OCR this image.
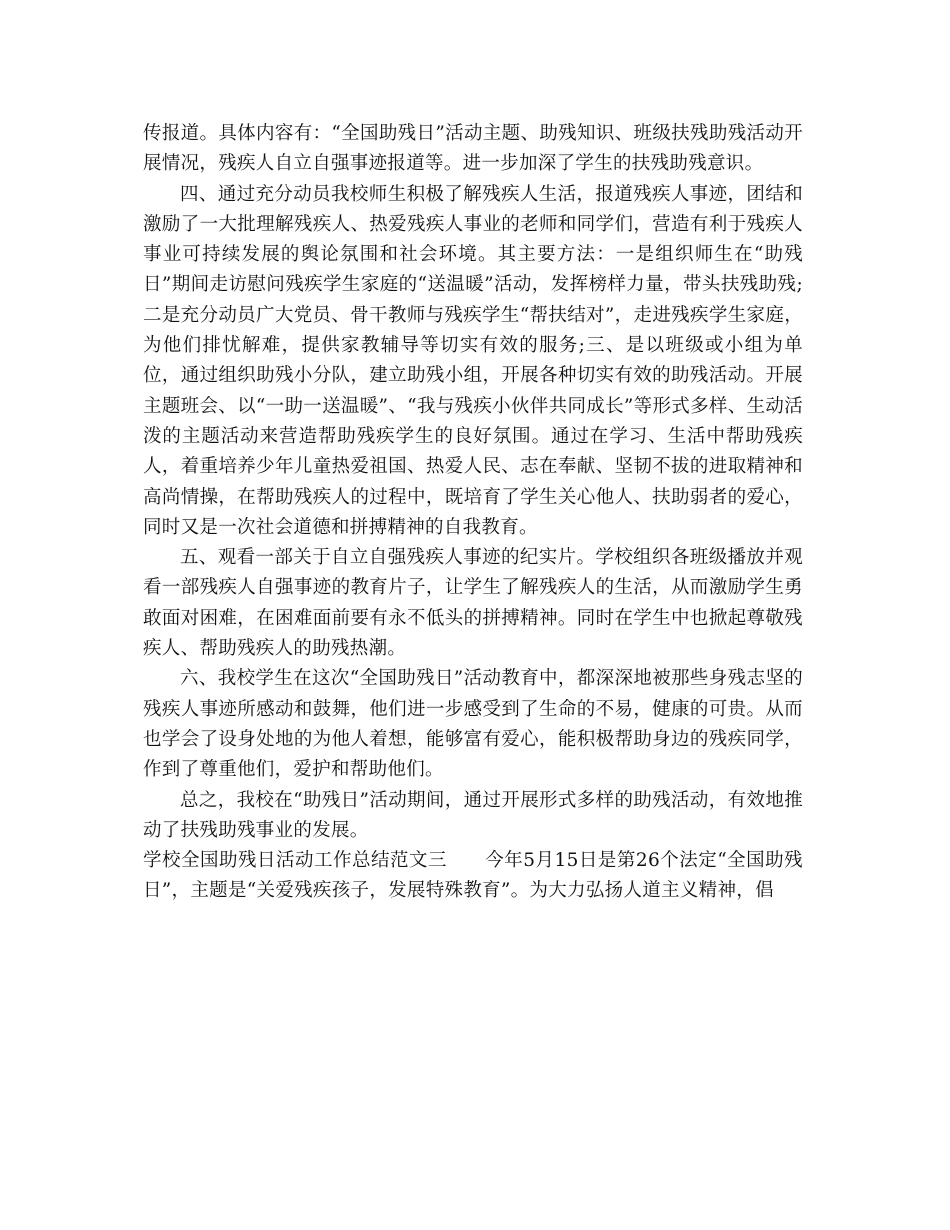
传报道。具体内容有：“全国助残日”活动主题、助残知识、班级扶残助残活动开展情况，残疾人自立自强事迹报道等。进一步加深了学生的扶残助残意识。

四、通过充分动员我校师生积极了解残疾人生活，报道残疾人事迹，团结和激励了一大批理解残疾人、热爱残疾人事业的老师和同学们，营造有利于残疾人事业可持续发展的舆论氛围和社会环境。其主要方法：一是组织师生在“助残日”期间走访慰问残疾学生家庭的“送温暖”活动，发挥榜样力量，带头扶残助残;二是充分动员广大党员、骨干教师与残疾学生“帮扶结对”，走进残疾学生家庭，为他们排忧解难，提供家教辅导等切实有效的服务;三、是以班级或小组为单位，通过组织助残小分队，建立助残小组，开展各种切实有效的助残活动。开展主题班会、以“一助一送温暖”、“我与残疾小伙伴共同成长”等形式多样、生动活泼的主题活动来营造帮助残疾学生的良好氛围。通过在学习、生活中帮助残疾人，着重培养少年儿童热爱祖国、热爱人民、志在奉献、坚韧不拔的进取精神和高尚情操，在帮助残疾人的过程中，既培育了学生关心他人、扶助弱者的爱心，同时又是一次社会道德和拼搏精神的自我教育。

五、观看一部关于自立自强残疾人事迹的纪实片。学校组织各班级播放并观看一部残疾人自强事迹的教育片子，让学生了解残疾人的生活，从而激励学生勇敢面对困难，在困难面前要有永不低头的拼搏精神。同时在学生中也掀起尊敬残疾人、帮助残疾人的助残热潮。

六、我校学生在这次“全国助残日”活动教育中，都深深地被那些身残志坚的残疾人事迹所感动和鼓舞，他们进一步感受到了生命的不易，健康的可贵。从而也学会了设身处地的为他人着想，能够富有爱心，能积极帮助身边的残疾同学，作到了尊重他们，爱护和帮助他们。

总之，我校在“助残日”活动期间，通过开展形式多样的助残活动，有效地推动了扶残助残事业的发展。

学校全国助残日活动工作总结范文三 今年5月15日是第26个法定“全国助残日”，主题是“关爱残疾孩子，发展特殊教育”。为大力弘扬人道主义精神，倡
